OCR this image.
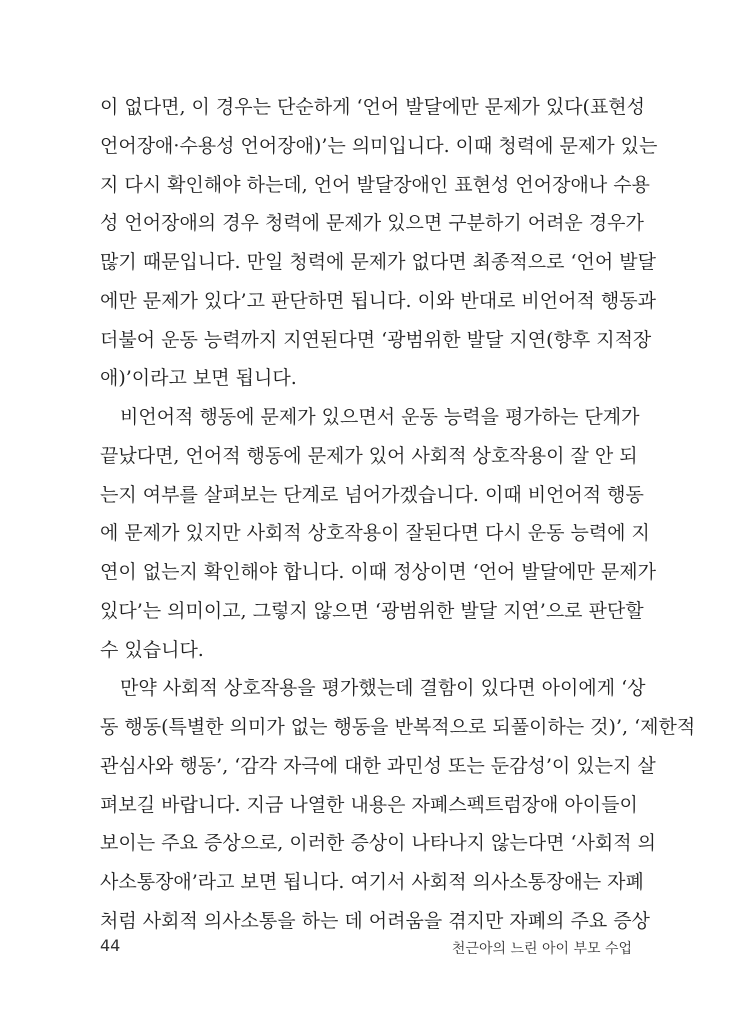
이 없다면, 이 경우는 단순하게 ‘언어 발달에만 문제가 있다(표현성
언어장애·수용성 언어장애)’는 의미입니다. 이때 청력에 문제가 있는
지 다시 확인해야 하는데, 언어 발달장애인 표현성 언어장애나 수용
성 언어장애의 경우 청력에 문제가 있으면 구분하기 어려운 경우가
많기 때문입니다. 만일 청력에 문제가 없다면 최종적으로 ‘언어 발달
에만 문제가 있다’고 판단하면 됩니다. 이와 반대로 비언어적 행동과
더불어 운동 능력까지 지연된다면 ‘광범위한 발달 지연(향후 지적장
애)’이라고 보면 됩니다.
비언어적 행동에 문제가 있으면서 운동 능력을 평가하는 단계가
끝났다면, 언어적 행동에 문제가 있어 사회적 상호작용이 잘 안 되
는지 여부를 살펴보는 단계로 넘어가겠습니다. 이때 비언어적 행동
에 문제가 있지만 사회적 상호작용이 잘된다면 다시 운동 능력에 지
연이 없는지 확인해야 합니다. 이때 정상이면 ‘언어 발달에만 문제가
있다’는 의미이고, 그렇지 않으면 ‘광범위한 발달 지연’으로 판단할
수 있습니다.
만약 사회적 상호작용을 평가했는데 결함이 있다면 아이에게 ‘상
동 행동(특별한 의미가 없는 행동을 반복적으로 되풀이하는 것)’, ‘제한적
관심사와 행동’, ‘감각 자극에 대한 과민성 또는 둔감성’이 있는지 살
펴보길 바랍니다. 지금 나열한 내용은 자폐스펙트럼장애 아이들이
보이는 주요 증상으로, 이러한 증상이 나타나지 않는다면 ‘사회적 의
사소통장애’라고 보면 됩니다. 여기서 사회적 의사소통장애는 자폐
처럼 사회적 의사소통을 하는 데 어려움을 겪지만 자폐의 주요 증상
44	천근아의 느린 아이 부모 수업
